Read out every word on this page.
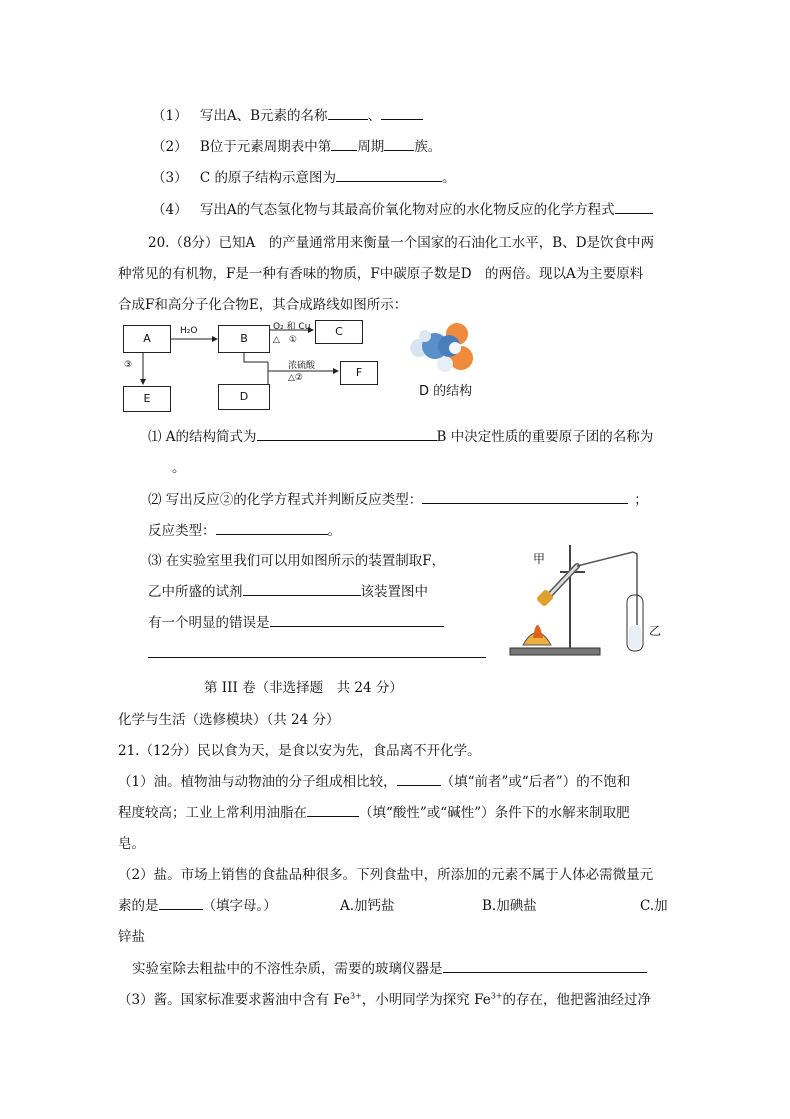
（1） 写出A、B元素的名称	、
（2） B位于元素周期表中第 周期 族。
（3） C 的原子结构示意图为	。
（4） 写出A的气态氢化物与其最高价氧化物对应的水化物反应的化学方程式
20.（8分）已知A　的产量通常用来衡量一个国家的石油化工水平，B、D是饮食中两
种常见的有机物，F是一种有香味的物质，F中碳原子数是D　的两倍。现以A为主要原料
合成F和高分子化合物E，其合成路线如图所示：
A	B
C
E	D
F
H₂O	O₂ 和 Cu
△　①
浓硫酸
△②
③
D 的结构
⑴ A的结构简式为	B 中决定性质的重要原子团的名称为
。
⑵ 写出反应②的化学方程式并判断反应类型：	；
反应类型：	。
⑶ 在实验室里我们可以用如图所示的装置制取F，
乙中所盛的试剂	该装置图中
有一个明显的错误是
甲
乙
第 III 卷（非选择题　共 24 分）
化学与生活（选修模块）（共 24 分）
21.（12分）民以食为天，是食以安为先，食品离不开化学。
（1）油。植物油与动物油的分子组成相比较，	（填“前者”或“后者”）的不饱和
程度较高；工业上常利用油脂在	（填“酸性”或“碱性”）条件下的水解来制取肥
皂。
（2）盐。市场上销售的食盐品种很多。下列食盐中，所添加的元素不属于人体必需微量元
素的是	（填字母。）	A.加钙盐	B.加碘盐	C.加
锌盐
实验室除去粗盐中的不溶性杂质，需要的玻璃仪器是
（3）酱。国家标准要求酱油中含有 $Fe^{3+}$，小明同学为探究 $Fe^{3+}$的存在，他把酱油经过净
